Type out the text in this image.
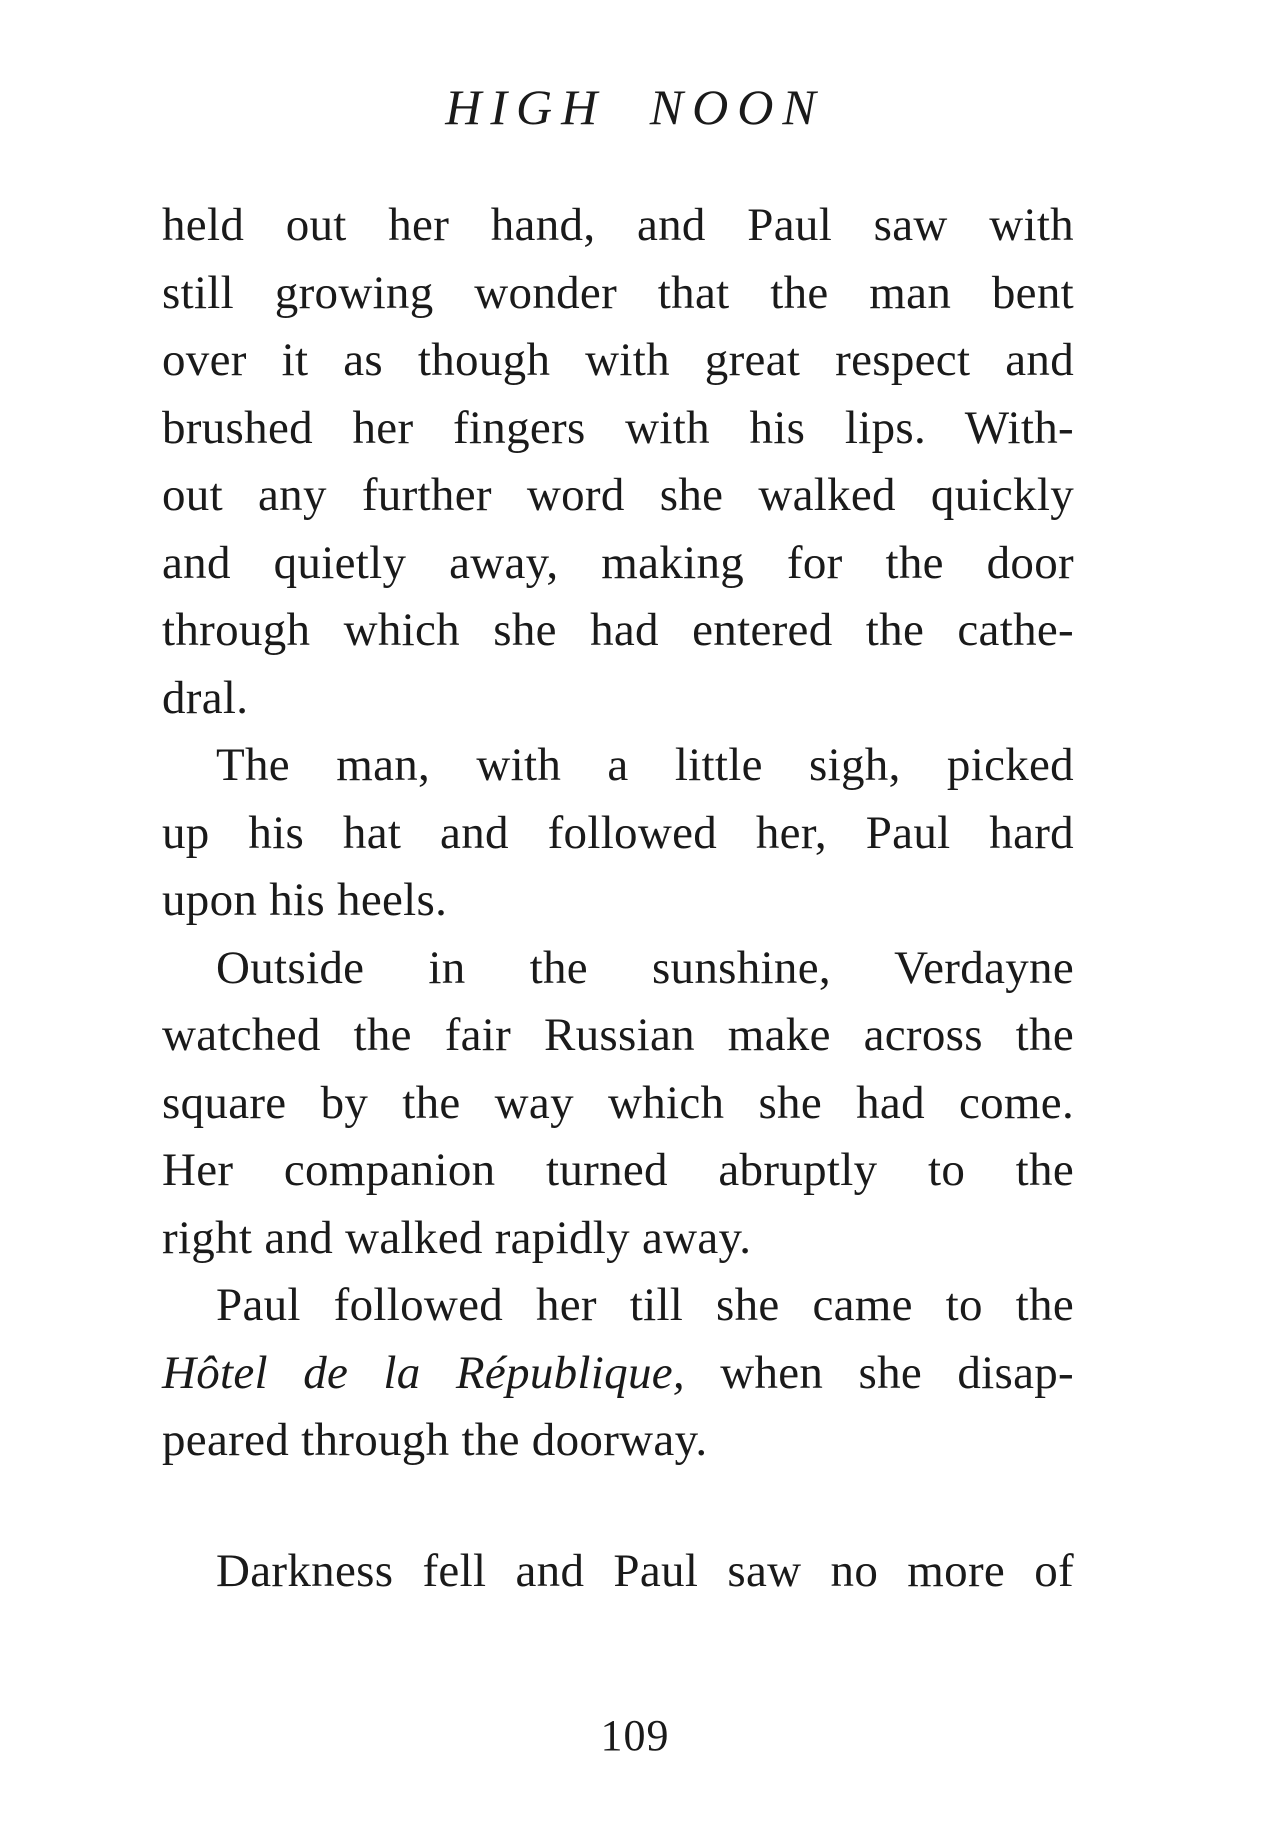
HIGH NOON
held out her hand, and Paul saw with
still growing wonder that the man bent
over it as though with great respect and
brushed her fingers with his lips. With-
out any further word she walked quickly
and quietly away, making for the door
through which she had entered the cathe-
dral.
The man, with a little sigh, picked
up his hat and followed her, Paul hard
upon his heels.
Outside in the sunshine, Verdayne
watched the fair Russian make across the
square by the way which she had come.
Her companion turned abruptly to the
right and walked rapidly away.
Paul followed her till she came to the
Hôtel de la République, when she disap-
peared through the doorway.
Darkness fell and Paul saw no more of
109
